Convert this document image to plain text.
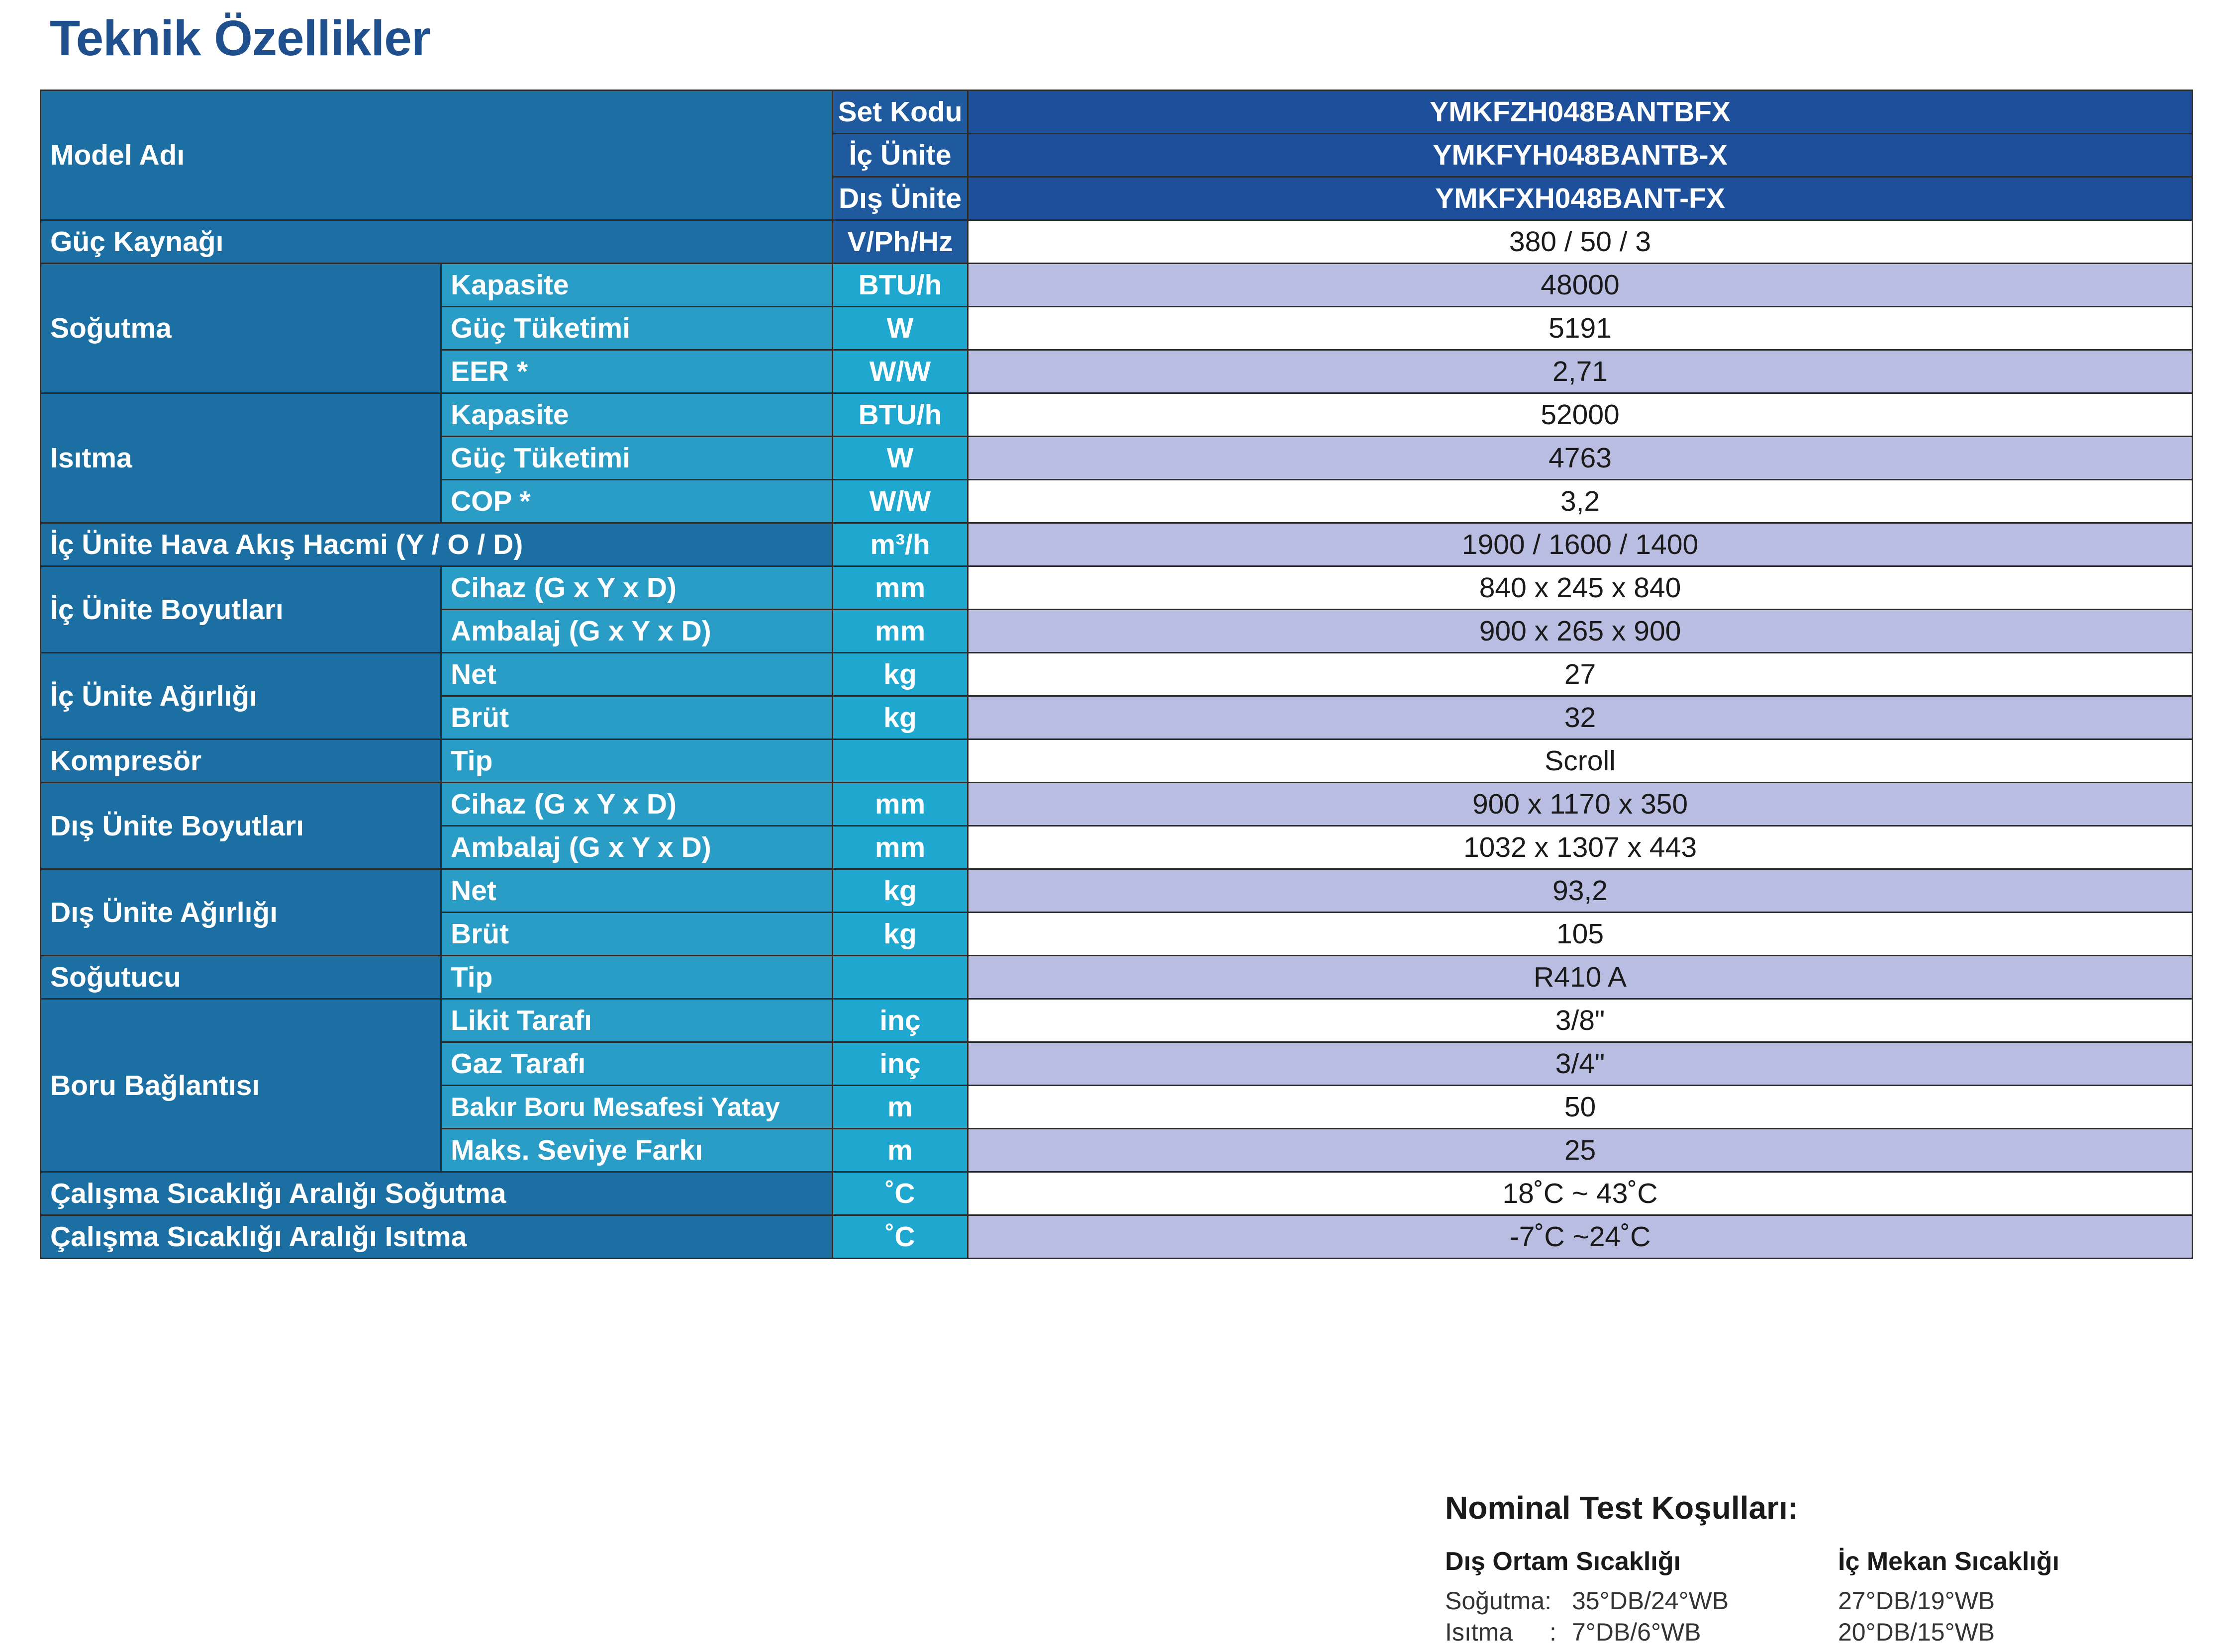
Teknik Özellikler
Model Adı		Set Kodu	YMKFZH048BANTBFX
		İç Ünite	YMKFYH048BANTB-X
		Dış Ünite	YMKFXH048BANT-FX
Güç Kaynağı		V/Ph/Hz	380 / 50 / 3
Soğutma	Kapasite	BTU/h	48000
	Güç Tüketimi	W	5191
	EER *	W/W	2,71
Isıtma	Kapasite	BTU/h	52000
	Güç Tüketimi	W	4763
	COP *	W/W	3,2
İç Ünite Hava Akış Hacmi (Y / O / D)		m³/h	1900 / 1600 / 1400
İç Ünite Boyutları	Cihaz (G x Y x D)	mm	840 x 245 x 840
	Ambalaj (G x Y x D)	mm	900 x 265 x 900
İç Ünite Ağırlığı	Net	kg	27
	Brüt	kg	32
Kompresör	Tip		Scroll
Dış Ünite Boyutları	Cihaz (G x Y x D)	mm	900 x 1170 x 350
	Ambalaj (G x Y x D)	mm	1032 x 1307 x 443
Dış Ünite Ağırlığı	Net	kg	93,2
	Brüt	kg	105
Soğutucu	Tip		R410 A
Boru Bağlantısı	Likit Tarafı	inç	3/8"
	Gaz Tarafı	inç	3/4"
	Bakır Boru Mesafesi Yatay	m	50
	Maks. Seviye Farkı	m	25
Çalışma Sıcaklığı Aralığı Soğutma		˚C	18˚C ~ 43˚C
Çalışma Sıcaklığı Aralığı Isıtma		˚C	-7˚C ~24˚C
Nominal Test Koşulları:
Dış Ortam Sıcaklığı	İç Mekan Sıcaklığı
Soğutma: 35°DB/24°WB	27°DB/19°WB
Isıtma : 7°DB/6°WB	20°DB/15°WB
